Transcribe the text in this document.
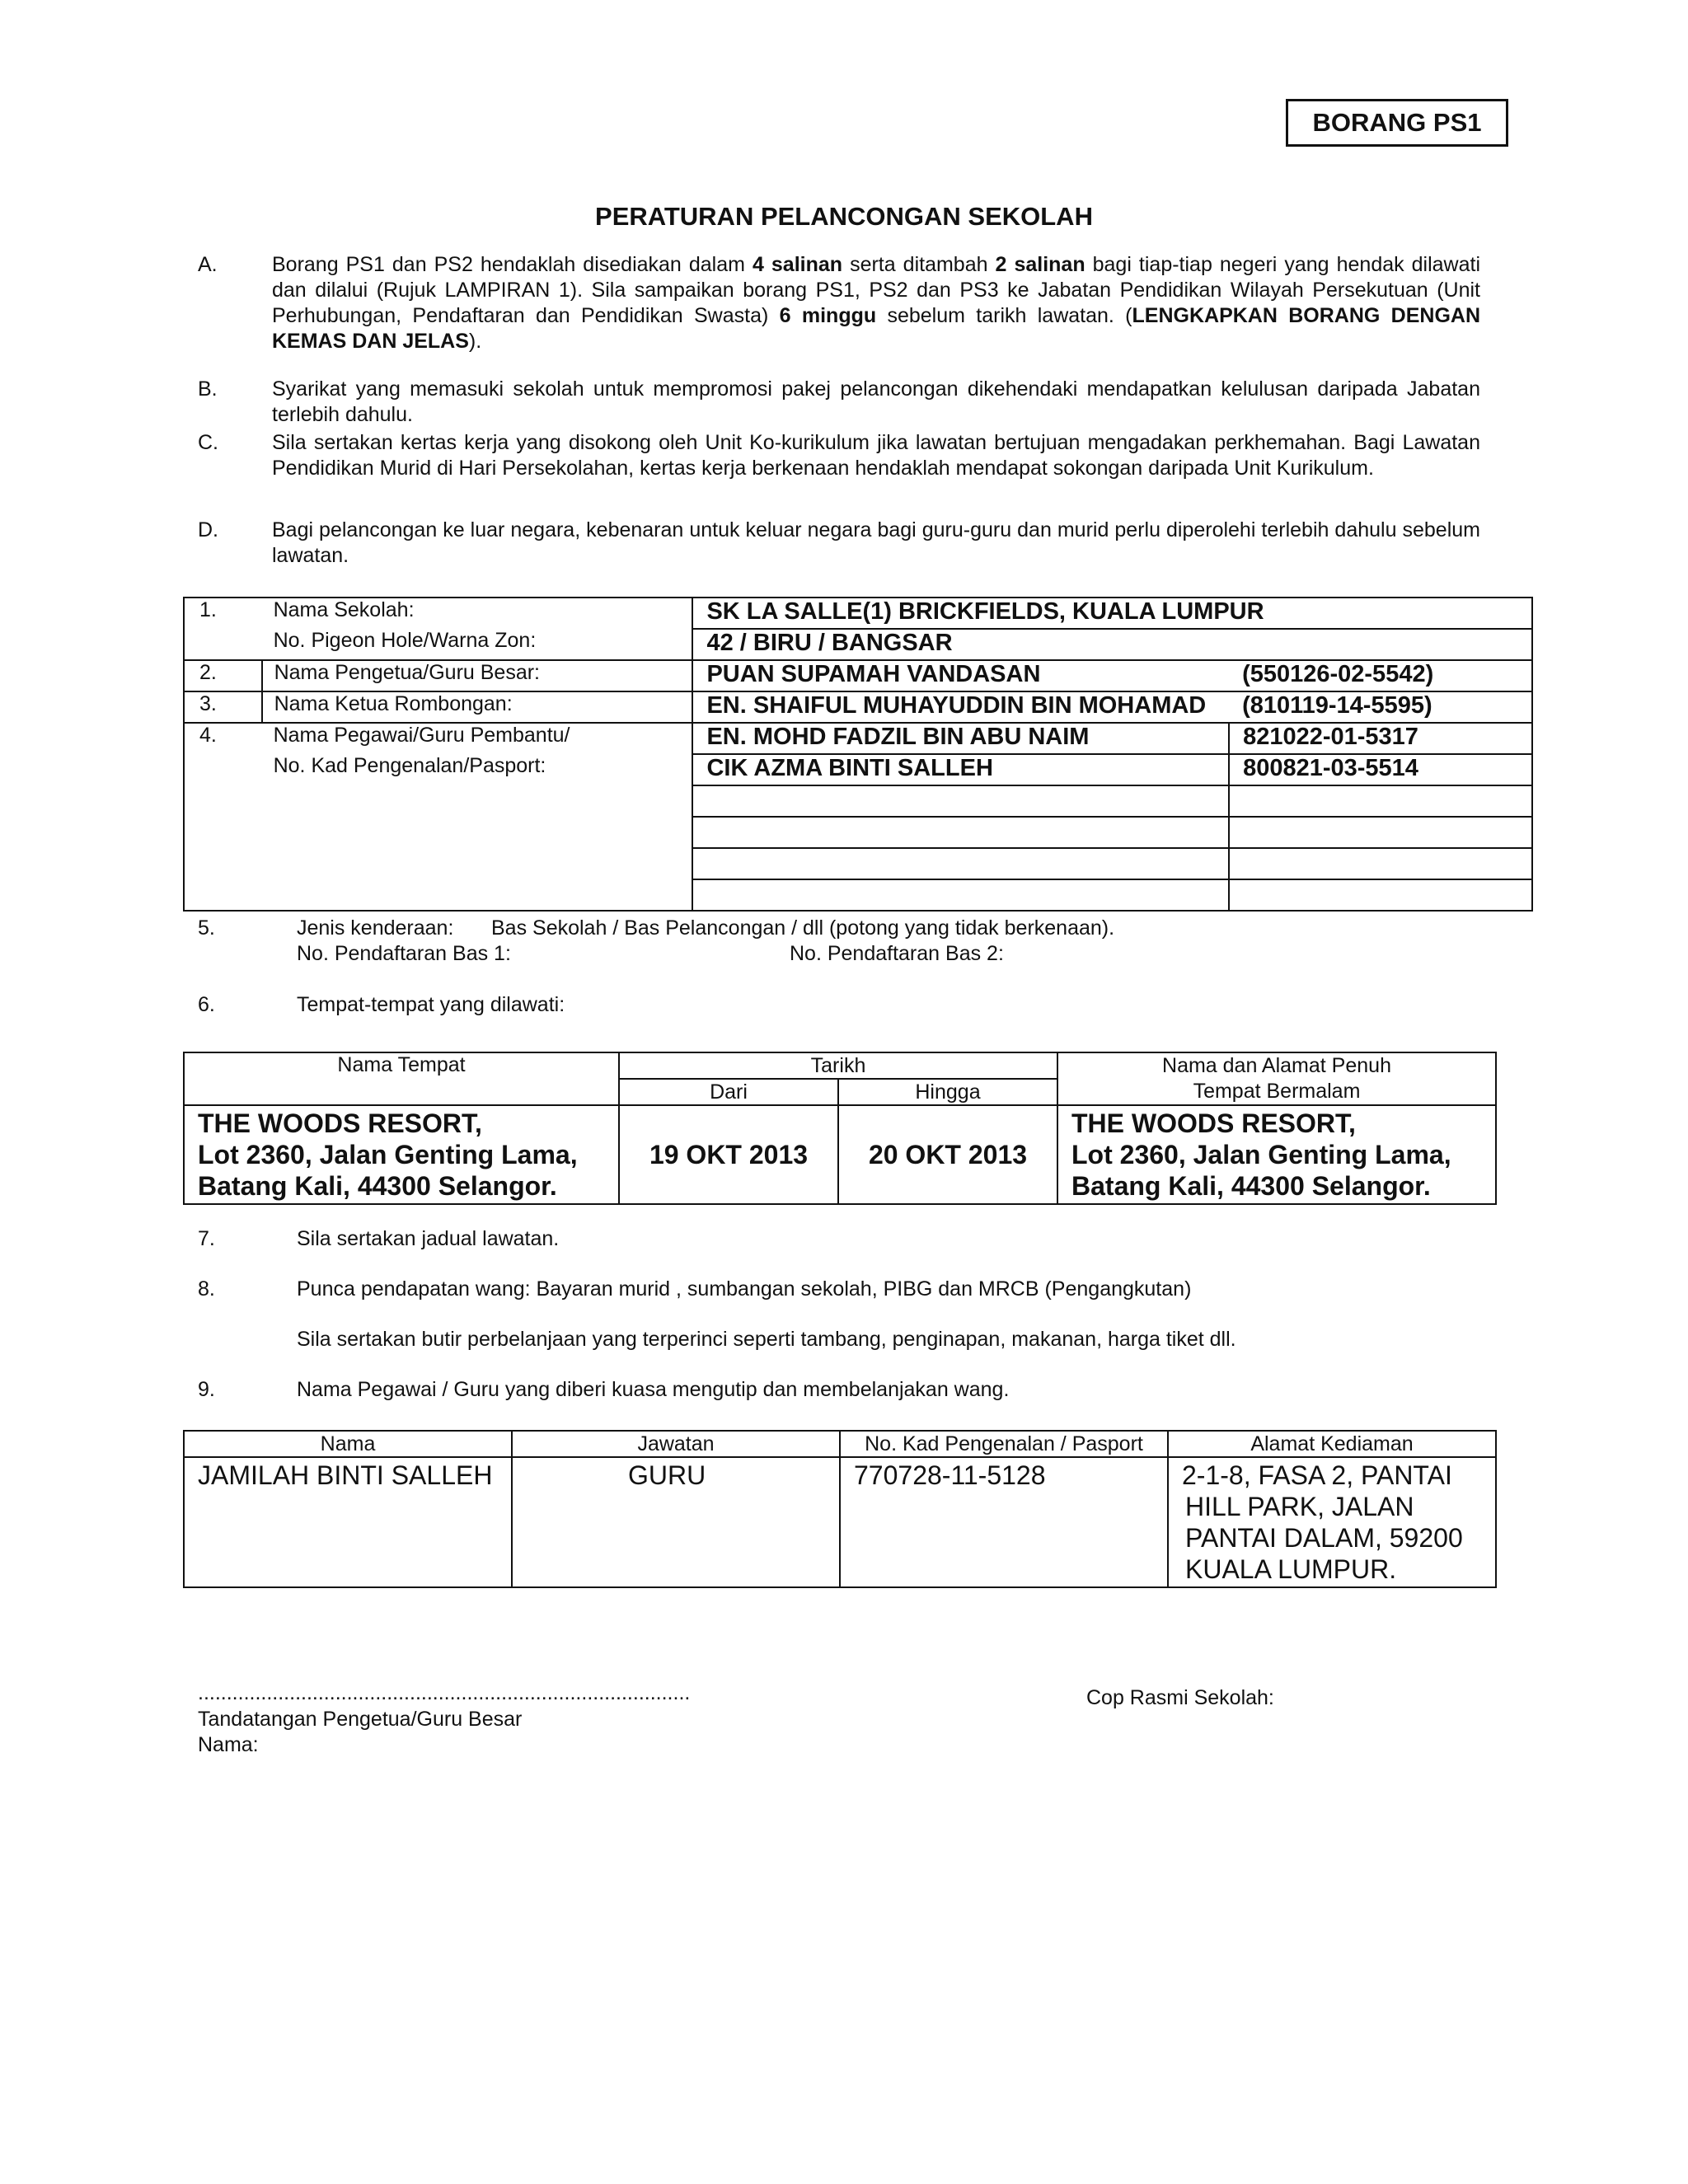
BORANG PS1
PERATURAN PELANCONGAN SEKOLAH
A.	Borang PS1 dan PS2 hendaklah disediakan dalam 4 salinan serta ditambah 2 salinan bagi tiap-tiap negeri yang hendak dilawati dan dilalui (Rujuk LAMPIRAN 1). Sila sampaikan borang PS1, PS2 dan PS3 ke Jabatan Pendidikan Wilayah Persekutuan (Unit Perhubungan, Pendaftaran dan Pendidikan Swasta) 6 minggu sebelum tarikh lawatan. (LENGKAPKAN BORANG DENGAN KEMAS DAN JELAS).
B.	Syarikat yang memasuki sekolah untuk mempromosi pakej pelancongan dikehendaki mendapatkan kelulusan daripada Jabatan terlebih dahulu.
C.	Sila sertakan kertas kerja yang disokong oleh Unit Ko-kurikulum jika lawatan bertujuan mengadakan perkhemahan. Bagi Lawatan Pendidikan Murid di Hari Persekolahan, kertas kerja berkenaan hendaklah mendapat sokongan daripada Unit Kurikulum.
D.	Bagi pelancongan ke luar negara, kebenaran untuk keluar negara bagi guru-guru dan murid perlu diperolehi terlebih dahulu sebelum lawatan.
1.	Nama Sekolah:	SK LA SALLE(1) BRICKFIELDS, KUALA LUMPUR	
	No. Pigeon Hole/Warna Zon:	42 / BIRU / BANGSAR	
2.	Nama Pengetua/Guru Besar:	PUAN SUPAMAH VANDASAN	(550126-02-5542)
3.	Nama Ketua Rombongan:	EN. SHAIFUL MUHAYUDDIN BIN MOHAMAD	(810119-14-5595)
4.	Nama Pegawai/Guru Pembantu/	EN. MOHD FADZIL BIN ABU NAIM	821022-01-5317
	No. Kad Pengenalan/Pasport:	CIK AZMA BINTI SALLEH	800821-03-5514

5.	Jenis kenderaan: Bas Sekolah / Bas Pelancongan / dll (potong yang tidak berkenaan).
No. Pendaftaran Bas 1:	No. Pendaftaran Bas 2:
6.	Tempat-tempat yang dilawati:
Nama Tempat	Tarikh		Nama dan Alamat Penuh
Tempat Bermalam
	Dari	Hingga	
THE WOODS RESORT,
Lot 2360, Jalan Genting Lama,
Batang Kali, 44300 Selangor.	19 OKT 2013	20 OKT 2013	THE WOODS RESORT,
Lot 2360, Jalan Genting Lama,
Batang Kali, 44300 Selangor.
7.	Sila sertakan jadual lawatan.
8.	Punca pendapatan wang: Bayaran murid , sumbangan sekolah, PIBG dan MRCB (Pengangkutan)
Sila sertakan butir perbelanjaan yang terperinci seperti tambang, penginapan, makanan, harga tiket dll.
9.	Nama Pegawai / Guru yang diberi kuasa mengutip dan membelanjakan wang.
Nama	Jawatan	No. Kad Pengenalan / Pasport	Alamat Kediaman
JAMILAH BINTI SALLEH	GURU	770728-11-5128	2-1-8, FASA 2, PANTAI
HILL PARK, JALAN
PANTAI DALAM, 59200
KUALA LUMPUR.
......................................................................................
Tandatangan Pengetua/Guru Besar
Nama:
Cop Rasmi Sekolah:
